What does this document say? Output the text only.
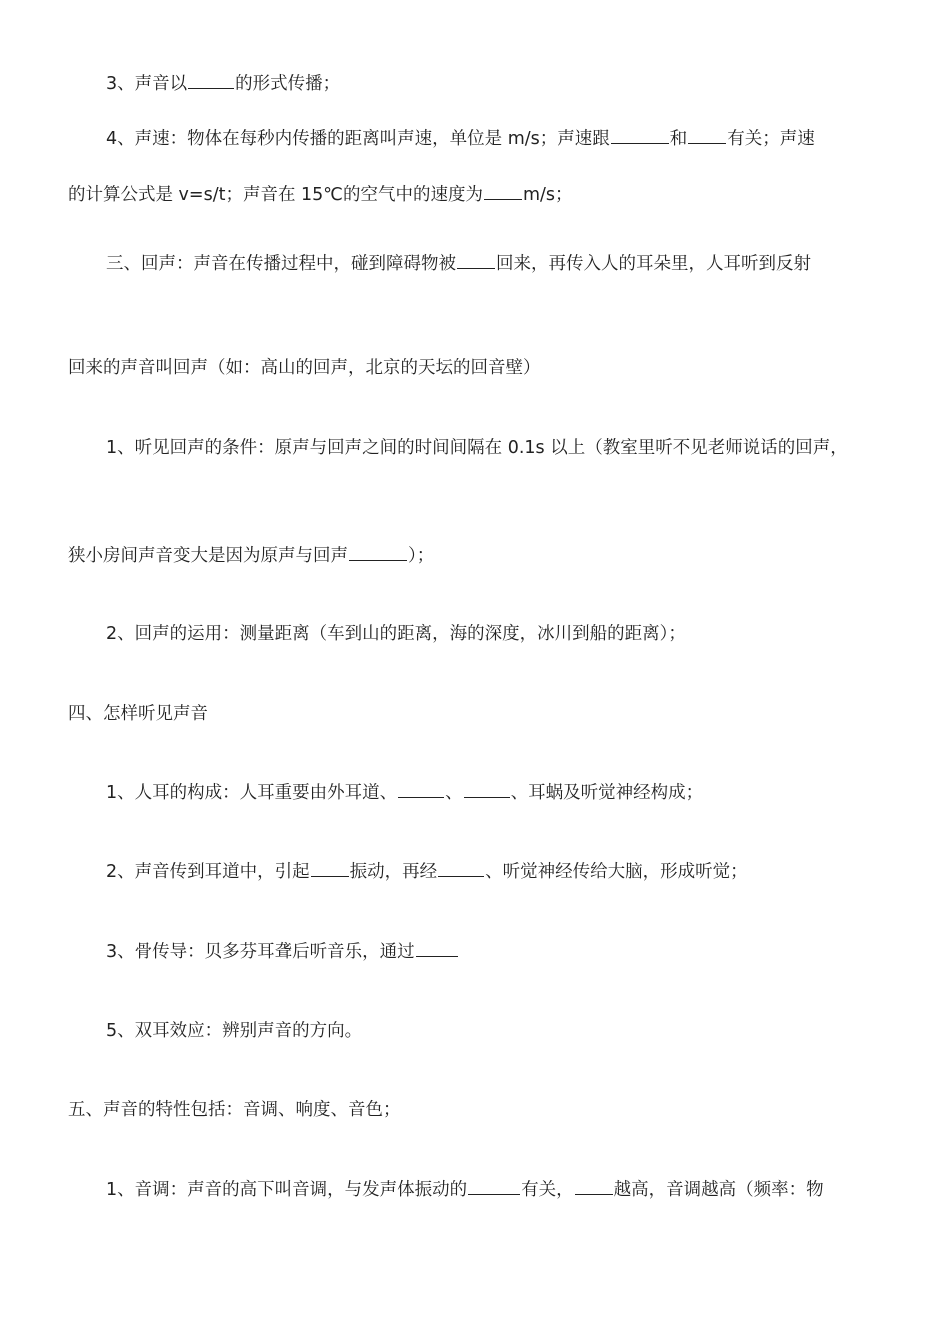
3、声音以	的形式传播；
4、声速：物体在每秒内传播的距离叫声速，单位是 m/s；声速跟	和 有关；声速
的计算公式是 v=s/t；声音在 15℃的空气中的速度为 m/s；
三、回声：声音在传播过程中，碰到障碍物被 回来，再传入人的耳朵里，人耳听到反射
回来的声音叫回声（如：高山的回声，北京的天坛的回音壁）
1、听见回声的条件：原声与回声之间的时间间隔在 0.1s 以上（教室里听不见老师说话的回声，
狭小房间声音变大是因为原声与回声	）；
2、回声的运用：测量距离（车到山的距离，海的深度，冰川到船的距离）；
四、怎样听见声音
1、人耳的构成：人耳重要由外耳道、	、	、耳蜗及听觉神经构成；
2、声音传到耳道中，引起 振动，再经	、听觉神经传给大脑，形成听觉；
3、骨传导：贝多芬耳聋后听音乐，通过
5、双耳效应：辨别声音的方向。
五、声音的特性包括：音调、响度、音色；
1、音调：声音的高下叫音调，与发声体振动的	有关， 越高，音调越高（频率：物
